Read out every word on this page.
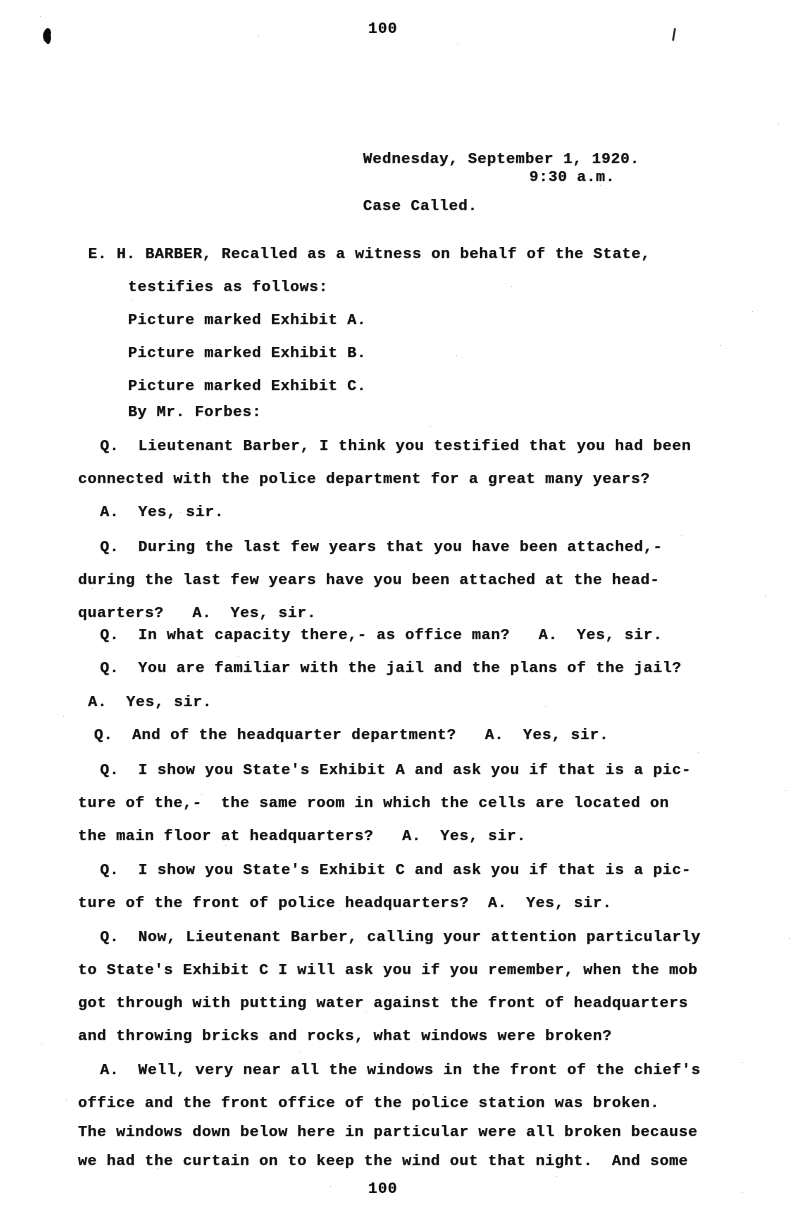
100
Wednesday, September 1, 1920.
9:30 a.m.
Case Called.
E. H. BARBER, Recalled as a witness on behalf of the State,
testifies as follows:
Picture marked Exhibit A.
Picture marked Exhibit B.
Picture marked Exhibit C.
By Mr. Forbes:
Q.  Lieutenant Barber, I think you testified that you had been
connected with the police department for a great many years?
A.  Yes, sir.
Q.  During the last few years that you have been attached,-
during the last few years have you been attached at the head-
quarters?   A.  Yes, sir.
Q.  In what capacity there,- as office man?   A.  Yes, sir.
Q.  You are familiar with the jail and the plans of the jail?
A.  Yes, sir.
Q.  And of the headquarter department?   A.  Yes, sir.
Q.  I show you State's Exhibit A and ask you if that is a pic-
ture of the,-  the same room in which the cells are located on
the main floor at headquarters?   A.  Yes, sir.
Q.  I show you State's Exhibit C and ask you if that is a pic-
ture of the front of police headquarters?  A.  Yes, sir.
Q.  Now, Lieutenant Barber, calling your attention particularly
to State's Exhibit C I will ask you if you remember, when the mob
got through with putting water against the front of headquarters
and throwing bricks and rocks, what windows were broken?
A.  Well, very near all the windows in the front of the chief's
office and the front office of the police station was broken.
The windows down below here in particular were all broken because
we had the curtain on to keep the wind out that night.  And some
100
